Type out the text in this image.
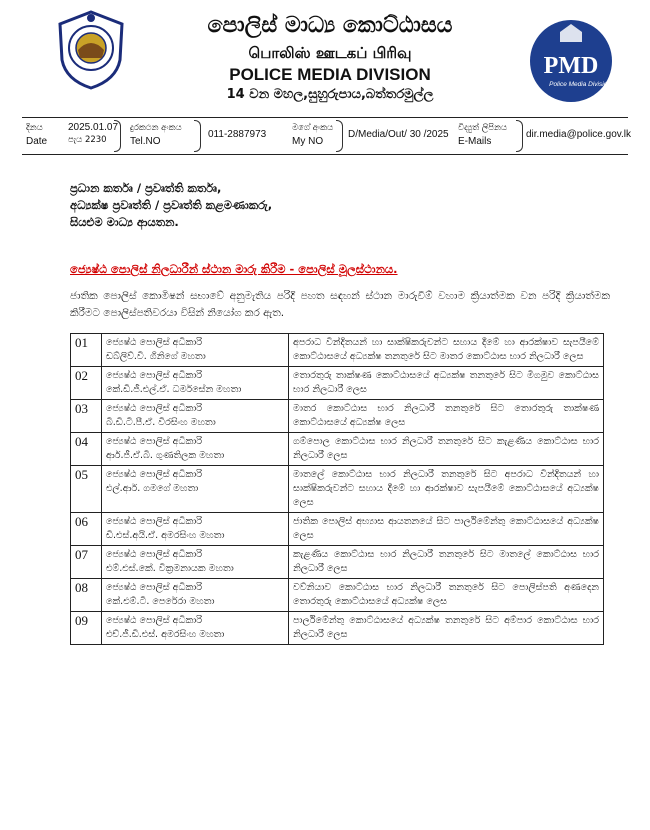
පොලිස් මාධ්‍ය කොට්ඨාසය
பொலிஸ் ஊடகப் பிரிவு
POLICE MEDIA DIVISION
14 වන මහල,සුහුරුපාය,බත්තරමුල්ල
PMD
Police Media Division
දිනය
Date
2025.01.07
පැය 2230
දුරකථන අංකය
Tel.NO
011-2887973
මගේ අංකය
My NO
D/Media/Out/ 30 /2025
විද්‍යුත් ලිපිනය
E-Mails
dir.media@police.gov.lk
ප්‍රධාන කර්තෘ / ප්‍රවෘත්ති කර්තෘ,
අධ්‍යක්ෂ ප්‍රවෘත්ති / ප්‍රවෘත්ති කළමණාකරු,
සියළුම මාධ්‍ය ආයතන.
ජ්‍යෙෂ්ඨ පොලිස් නිලධාරීන් ස්ථාන මාරු කිරීම - පොලිස් මූලස්ථානය.
ජාතික පොලිස් කොමිෂන් සභාවේ අනුමැතිය පරිදි පහත සඳහන් ස්ථාන මාරුවීම් වහාම ක්‍රියාත්මක වන පරිදි ක්‍රියාත්මක කිරීමට පොලිස්පතිවරයා විසින් නියෝග කර ඇත.
01	ජ්‍යෙෂ්ඨ පොලිස් අධිකාරි
ඩබ්ලිව්.වී. ගිනිගේ මහතා	අපරාධ වින්දිතයන් හා සාක්ෂිකරුවන්ට සහාය දීමේ හා ආරක්ෂාව සැපයීමේ කොට්ඨාසයේ අධ්‍යක්ෂ තනතුරේ සිට මාතර කොට්ඨාස භාර නිලධාරී ලෙස
02	ජ්‍යෙෂ්ඨ පොලිස් අධිකාරි
කේ.ඩී.ජී.එල්.ඒ. ධර්මසේන මහතා	තොරතුරු තාක්ෂණ කොට්ඨාසයේ අධ්‍යක්ෂ තනතුරේ සිට මීගමුව කොට්ඨාස භාර නිලධාරී ලෙස
03	ජ්‍යෙෂ්ඨ පොලිස් අධිකාරි
බී.ඩී.ටී.පී.ඒ. වීරසිංහ මහතා	මාතර කොට්ඨාස භාර නිලධාරී තනතුරේ සිට තොරතුරු තාක්ෂණ කොට්ඨාසයේ අධ්‍යක්ෂ ලෙස
04	ජ්‍යෙෂ්ඨ පොලිස් අධිකාරි
ආර්.ජී.ඒ.බී. ගුණතිලක මහතා	ගම්පොල කොට්ඨාස භාර නිලධාරී තනතුරේ සිට කැළණිය කොට්ඨාස භාර නිලධාරී ලෙස
05	ජ්‍යෙෂ්ඨ පොලිස් අධිකාරි
එල්.ආර්. ගමගේ මහතා	මාතලේ කොට්ඨාස භාර නිලධාරී තනතුරේ සිට අපරාධ වින්දිතයන් හා සාක්ෂිකරුවන්ට සහාය දීමේ හා ආරක්ෂාව සැපයීමේ කොට්ඨාසයේ අධ්‍යක්ෂ ලෙස
06	ජ්‍යෙෂ්ඨ පොලිස් අධිකාරි
ඩී.එස්.අයි.ඒ. අමරසිංහ මහතා	ජාතික පොලිස් අභ්‍යාස ආයතනයේ සිට පාර්ලිමේන්තු කොට්ඨාසයේ අධ්‍යක්ෂ ලෙස
07	ජ්‍යෙෂ්ඨ පොලිස් අධිකාරි
එම්.එස්.කේ. වික්‍රමනායක මහතා	කැළණිය කොට්ඨාස භාර නිලධාරී තනතුරේ සිට මාතලේ කොට්ඨාස භාර නිලධාරී ලෙස
08	ජ්‍යෙෂ්ඨ පොලිස් අධිකාරි
කේ.එම්.ටී. පෙරේරා මහතා	වව්නියාව කොට්ඨාස භාර නිලධාරී තනතුරේ සිට පොලිස්පති අණදෙන තොරතුරු කොට්ඨාසයේ අධ්‍යක්ෂ ලෙස
09	ජ්‍යෙෂ්ඨ පොලිස් අධිකාරි
එච්.ජී.ඩී.එස්. අමරසිංහ මහතා	පාර්ලිමේන්තු කොට්ඨාසයේ අධ්‍යක්ෂ තනතුරේ සිට අම්පාර කොට්ඨාස භාර නිලධාරී ලෙස
